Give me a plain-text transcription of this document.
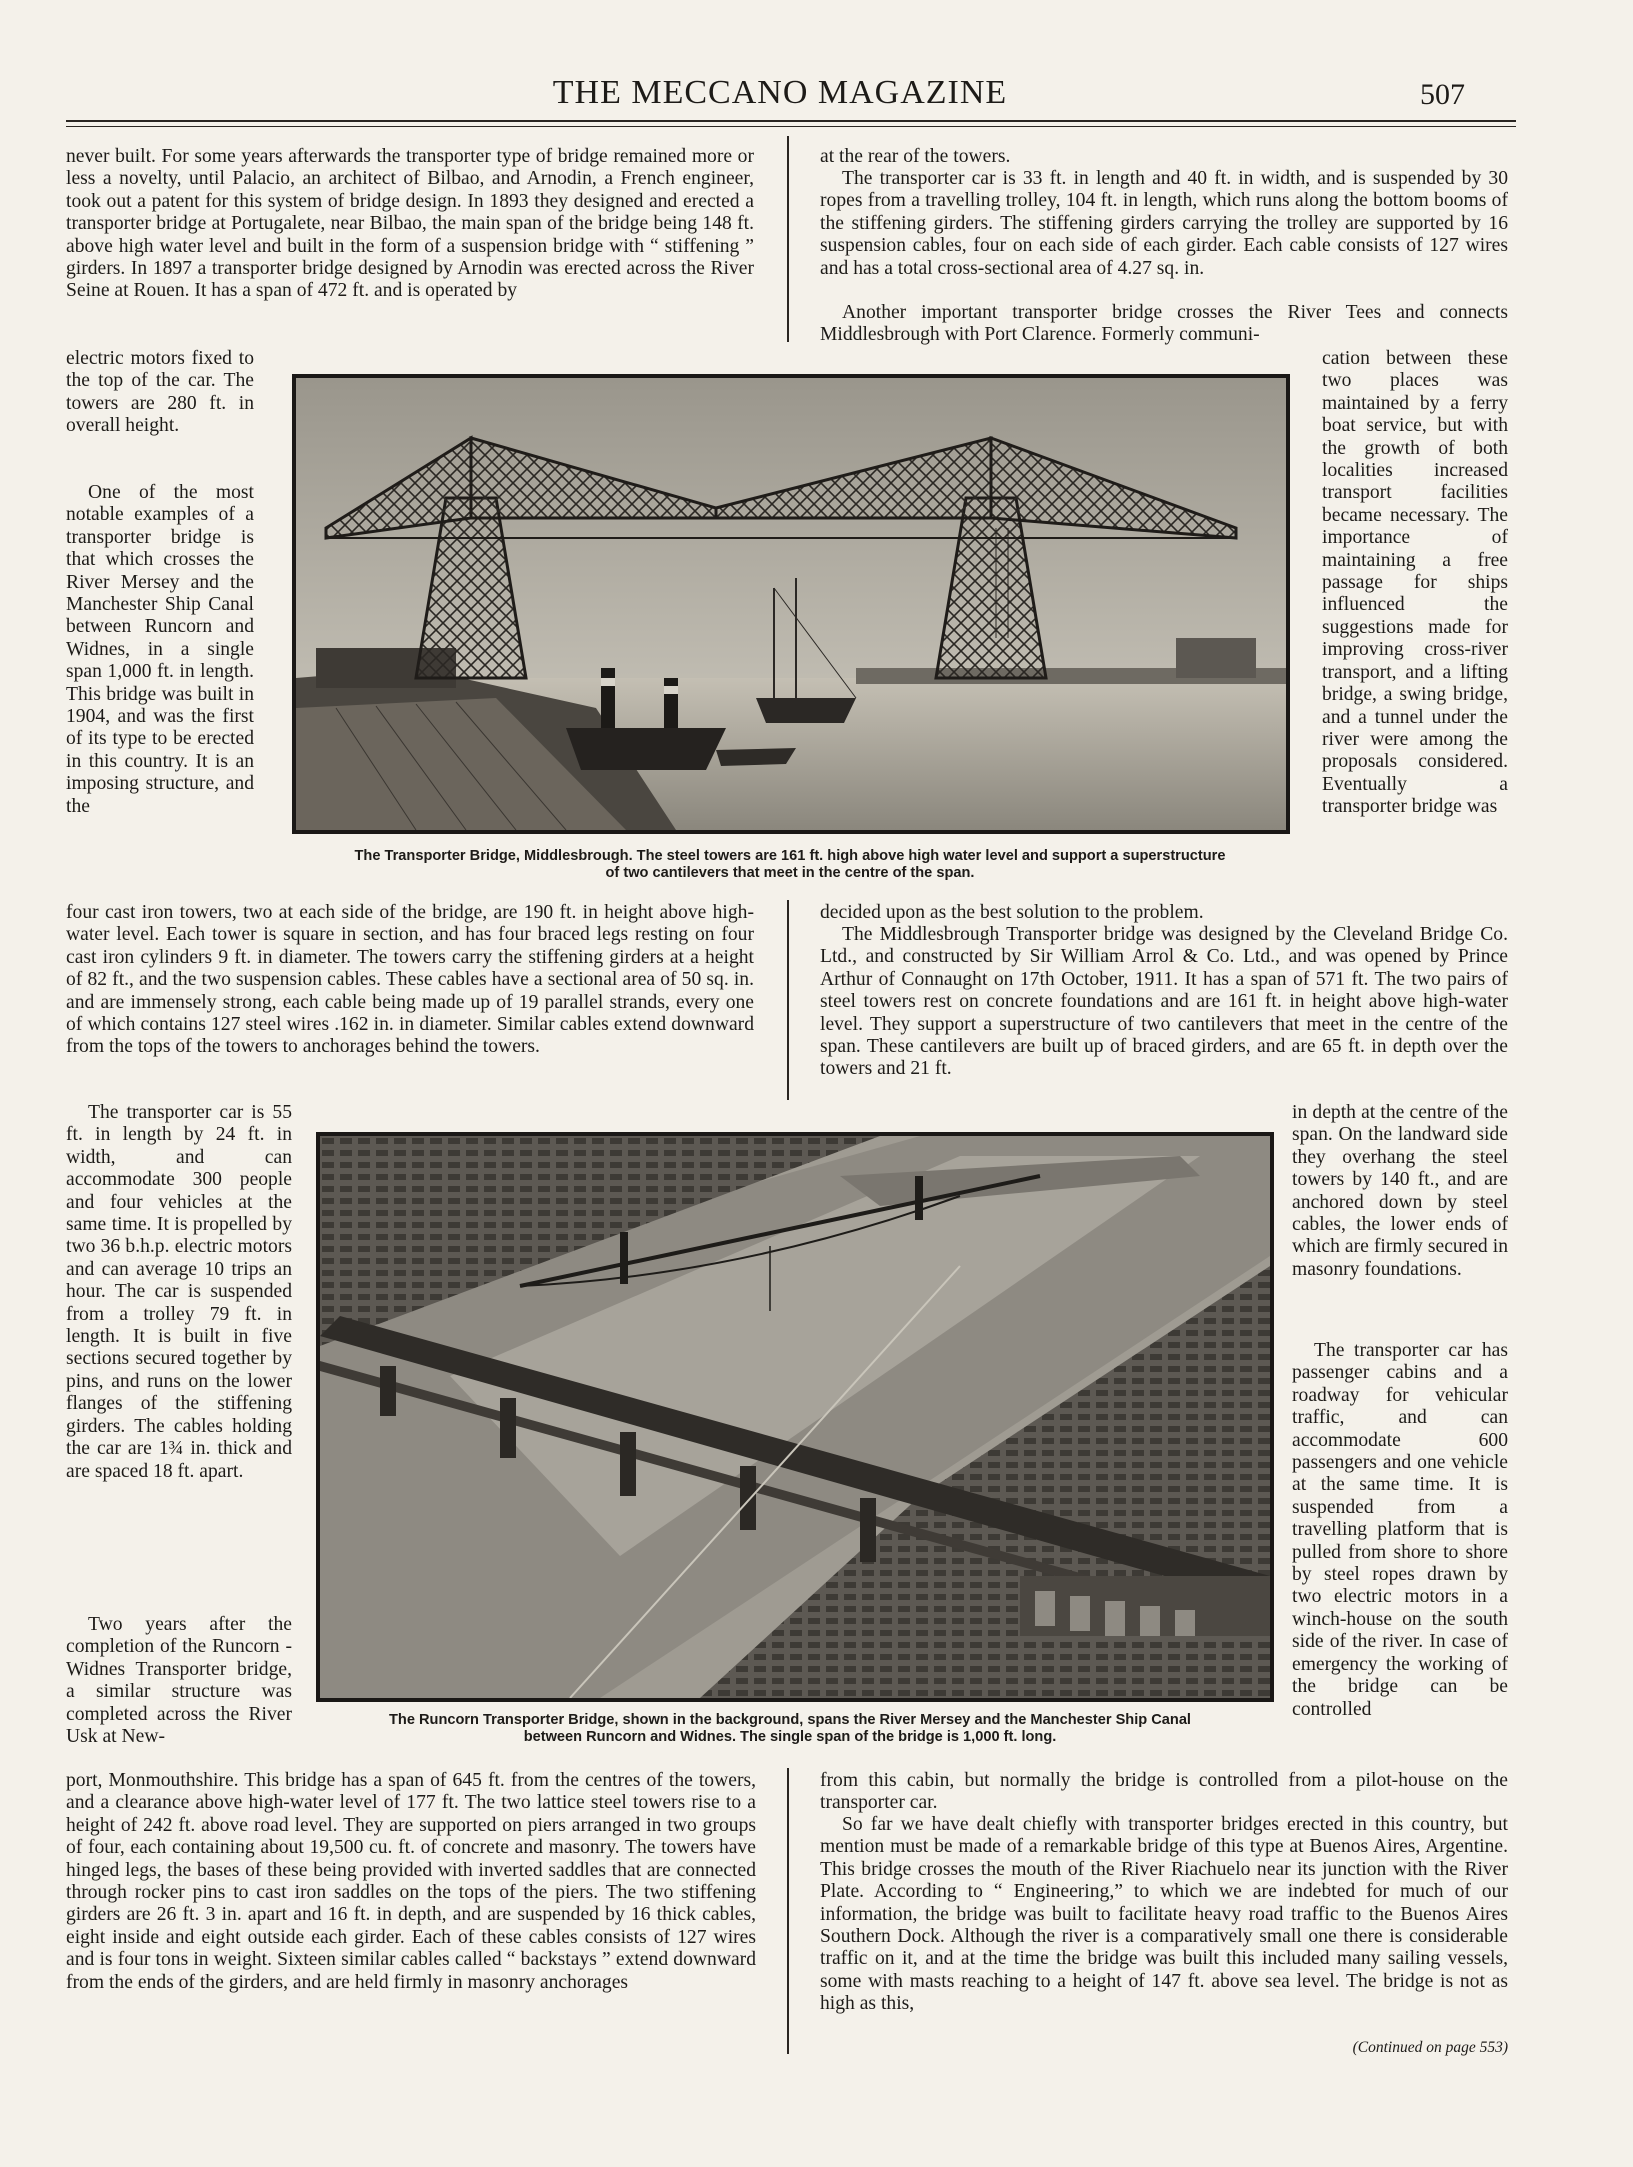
THE MECCANO MAGAZINE	507

never built. For some years afterwards the transporter type of bridge remained more or less a novelty, until Palacio, an architect of Bilbao, and Arnodin, a French engineer, took out a patent for this system of bridge design. In 1893 they designed and erected a transporter bridge at Portugalete, near Bilbao, the main span of the bridge being 148 ft. above high water level and built in the form of a suspension bridge with “ stiffening ” girders. In 1897 a transporter bridge designed by Arnodin was erected across the River Seine at Rouen. It has a span of 472 ft. and is operated by

electric motors fixed to the top of the car. The towers are 280 ft. in overall height.

One of the most notable examples of a transporter bridge is that which crosses the River Mersey and the Manchester Ship Canal between Runcorn and Widnes, in a single span 1,000 ft. in length. This bridge was built in 1904, and was the first of its type to be erected in this country. It is an imposing structure, and the

four cast iron towers, two at each side of the bridge, are 190 ft. in height above high-water level. Each tower is square in section, and has four braced legs resting on four cast iron cylinders 9 ft. in diameter. The towers carry the stiffening girders at a height of 82 ft., and the two suspension cables. These cables have a sectional area of 50 sq. in. and are immensely strong, each cable being made up of 19 parallel strands, every one of which contains 127 steel wires .162 in. in diameter. Similar cables extend downward from the tops of the towers to anchorages behind the towers.

The transporter car is 55 ft. in length by 24 ft. in width, and can accommodate 300 people and four vehicles at the same time. It is propelled by two 36 b.h.p. electric motors and can average 10 trips an hour. The car is suspended from a trolley 79 ft. in length. It is built in five sections secured together by pins, and runs on the lower flanges of the stiffening girders. The cables holding the car are 1¾ in. thick and are spaced 18 ft. apart.

Two years after the completion of the Runcorn - Widnes Transporter bridge, a similar structure was completed across the River Usk at New-

port, Monmouthshire. This bridge has a span of 645 ft. from the centres of the towers, and a clearance above high-water level of 177 ft. The two lattice steel towers rise to a height of 242 ft. above road level. They are supported on piers arranged in two groups of four, each containing about 19,500 cu. ft. of concrete and masonry. The towers have hinged legs, the bases of these being provided with inverted saddles that are connected through rocker pins to cast iron saddles on the tops of the piers. The two stiffening girders are 26 ft. 3 in. apart and 16 ft. in depth, and are suspended by 16 thick cables, eight inside and eight outside each girder. Each of these cables consists of 127 wires and is four tons in weight. Sixteen similar cables called “ backstays ” extend downward from the ends of the girders, and are held firmly in masonry anchorages

at the rear of the towers.

The transporter car is 33 ft. in length and 40 ft. in width, and is suspended by 30 ropes from a travelling trolley, 104 ft. in length, which runs along the bottom booms of the stiffening girders. The stiffening girders carrying the trolley are supported by 16 suspension cables, four on each side of each girder. Each cable consists of 127 wires and has a total cross-sectional area of 4.27 sq. in.

Another important transporter bridge crosses the River Tees and connects Middlesbrough with Port Clarence. Formerly communi-

cation between these two places was maintained by a ferry boat service, but with the growth of both localities increased transport facilities became necessary. The importance of maintaining a free passage for ships influenced the suggestions made for improving cross-river transport, and a lifting bridge, a swing bridge, and a tunnel under the river were among the proposals considered. Eventually a transporter bridge was

decided upon as the best solution to the problem.

The Middlesbrough Transporter bridge was designed by the Cleveland Bridge Co. Ltd., and constructed by Sir William Arrol & Co. Ltd., and was opened by Prince Arthur of Connaught on 17th October, 1911. It has a span of 571 ft. The two pairs of steel towers rest on concrete foundations and are 161 ft. in height above high-water level. They support a superstructure of two cantilevers that meet in the centre of the span. These cantilevers are built up of braced girders, and are 65 ft. in depth over the towers and 21 ft.

in depth at the centre of the span. On the landward side they overhang the steel towers by 140 ft., and are anchored down by steel cables, the lower ends of which are firmly secured in masonry foundations.

The transporter car has passenger cabins and a roadway for vehicular traffic, and can accommodate 600 passengers and one vehicle at the same time. It is suspended from a travelling platform that is pulled from shore to shore by steel ropes drawn by two electric motors in a winch-house on the south side of the river. In case of emergency the working of the bridge can be controlled

from this cabin, but normally the bridge is controlled from a pilot-house on the transporter car.

So far we have dealt chiefly with transporter bridges erected in this country, but mention must be made of a remarkable bridge of this type at Buenos Aires, Argentine. This bridge crosses the mouth of the River Riachuelo near its junction with the River Plate. According to “ Engineering,” to which we are indebted for much of our information, the bridge was built to facilitate heavy road traffic to the Buenos Aires Southern Dock. Although the river is a comparatively small one there is considerable traffic on it, and at the time the bridge was built this included many sailing vessels, some with masts reaching to a height of 147 ft. above sea level. The bridge is not as high as this,

(Continued on page 553)
The Transporter Bridge, Middlesbrough. The steel towers are 161 ft. high above high water level and support a superstructure
of two cantilevers that meet in the centre of the span.
The Runcorn Transporter Bridge, shown in the background, spans the River Mersey and the Manchester Ship Canal
between Runcorn and Widnes. The single span of the bridge is 1,000 ft. long.
